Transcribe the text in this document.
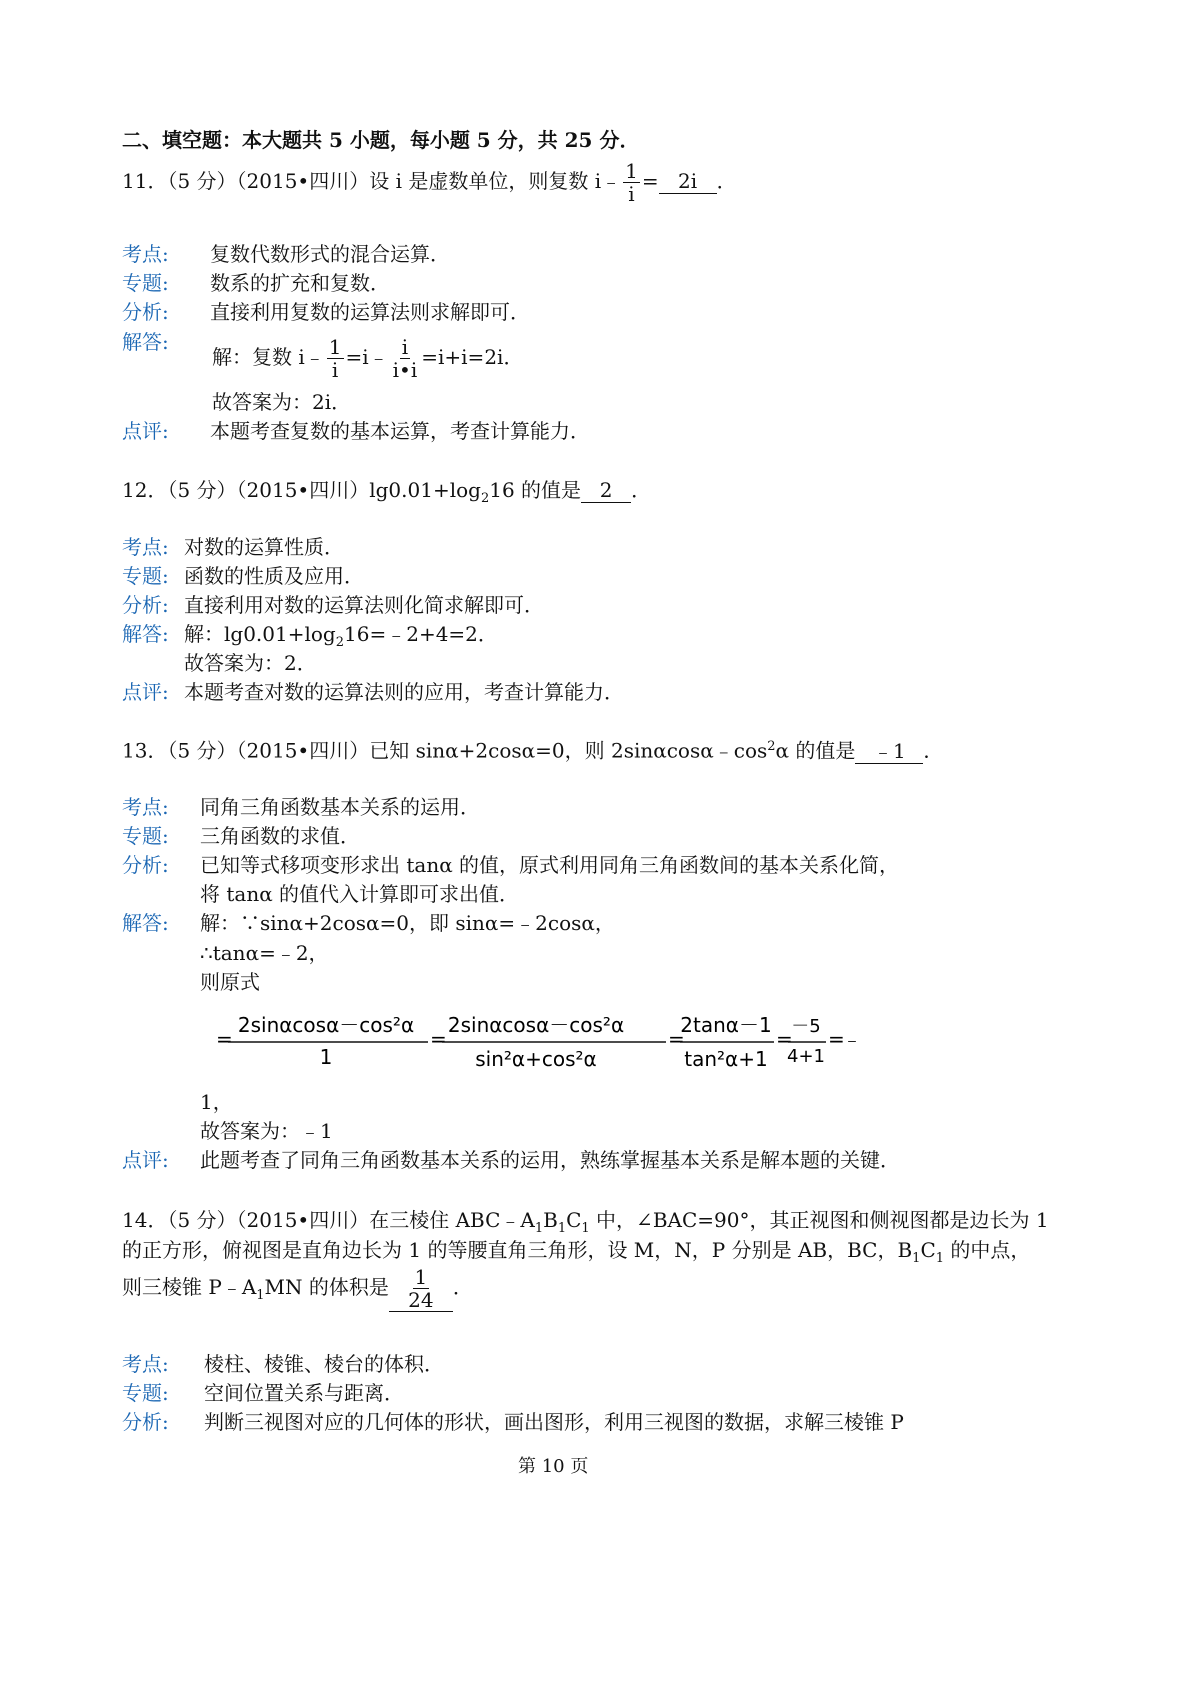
二、填空题：本大题共 5 小题，每小题 5 分，共 25 分．
11．（5 分）（2015•四川）设 i 是虚数单位，则复数 i﹣ $\frac{1}{i} = 2i$ ．
考点: 复数代数形式的混合运算．
专题: 数系的扩充和复数．
分析: 直接利用复数的运算法则求解即可．
解答:
解：复数 i﹣ $\frac{1}{i}$ =i﹣ $\frac{i}{i•i} =i+i=2i$．
故答案为：2i．
点评: 本题考查复数的基本运算，考查计算能力．
12．（5 分）（2015•四川）$\lg 0.01+\log_216$ 的值是 2 ．
考点: 对数的运算性质．
专题: 函数的性质及应用．
分析: 直接利用对数的运算法则化简求解即可．
解答: 解：$\lg 0.01+\log_216=﹣2+4=2$．
故答案为：2．
点评: 本题考查对数的运算法则的应用，考查计算能力．
13．（5 分）（2015•四川）已知 sinα+2cosα=0，则 $2\sin\alpha\cos\alpha﹣\cos^2\alpha$ 的值是 ﹣1 ．
考点: 同角三角函数基本关系的运用．
专题: 三角函数的求值．
分析: 已知等式移项变形求出 tanα 的值，原式利用同角三角函数间的基本关系化简，
将 tanα 的值代入计算即可求出值．
解答: 解：∵sinα+2cosα=0，即 sinα=﹣2cosα，
∴tanα=﹣2，
则原式
=
2sinαcosα－cos²α
1
=
2sinαcosα－cos²α
sin²α+cos²α
=
2tanα－1
tan²α+1
=
－5
4+1
=
﹣
1，
故答案为：﹣1
点评: 此题考查了同角三角函数基本关系的运用，熟练掌握基本关系是解本题的关键．
14．（5 分）（2015•四川）在三棱住 $ABC﹣A_1B_1C_1$ 中，∠BAC=90°，其正视图和侧视图都是边长为 1
的正方形，俯视图是直角边长为 1 的等腰直角三角形，设 M，N，P 分别是 AB，BC，$B_1C_1$ 的中点，
则三棱锥 $P﹣A_1MN$ 的体积是 $\frac{1}{24}$ ．
考点: 棱柱、棱锥、棱台的体积．
专题: 空间位置关系与距离．
分析: 判断三视图对应的几何体的形状，画出图形，利用三视图的数据，求解三棱锥 P
第 10 页
